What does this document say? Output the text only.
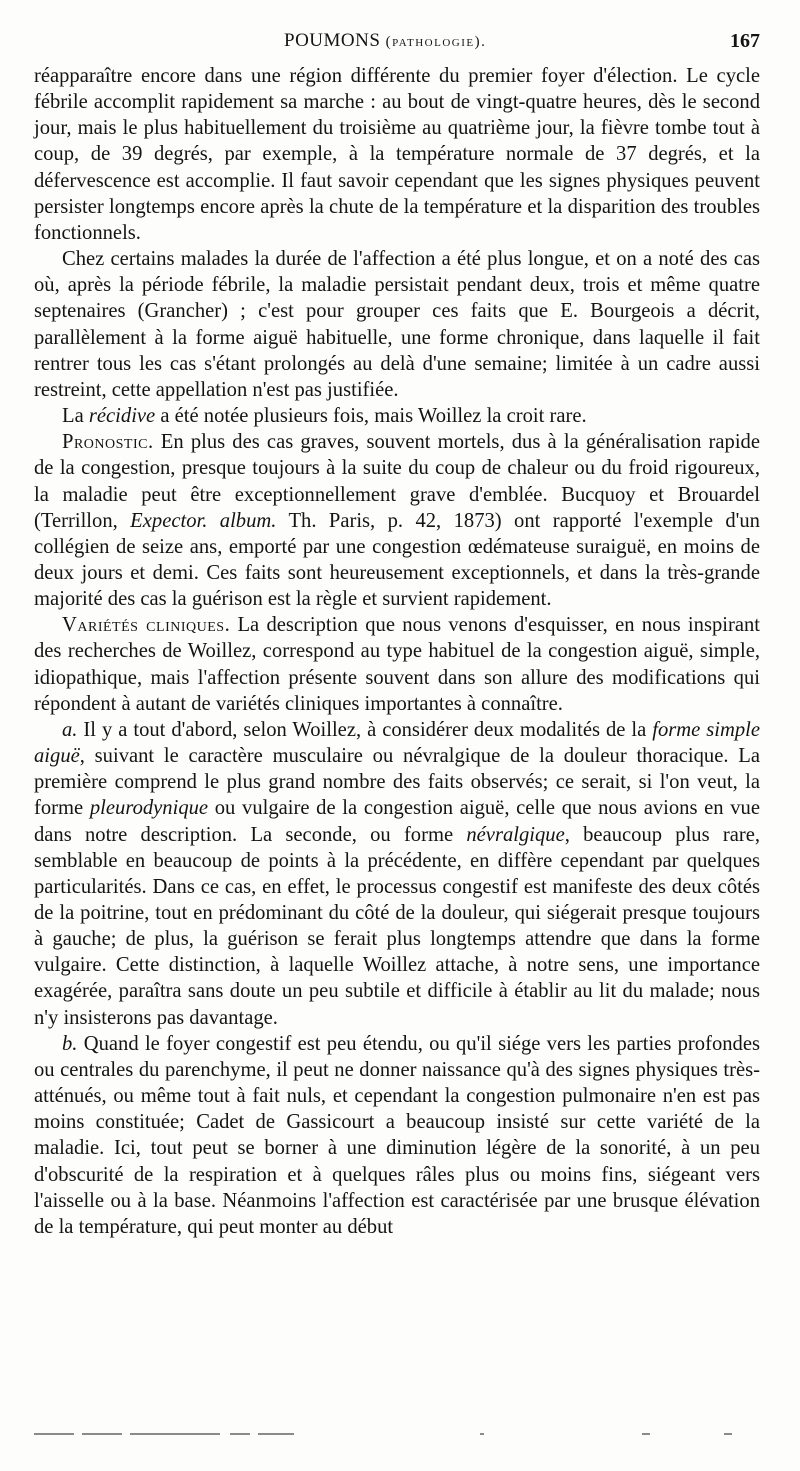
POUMONS (pathologie).	167

réapparaître encore dans une région différente du premier foyer d'élection. Le cycle fébrile accomplit rapidement sa marche : au bout de vingt-quatre heures, dès le second jour, mais le plus habituellement du troisième au quatrième jour, la fièvre tombe tout à coup, de 39 degrés, par exemple, à la température normale de 37 degrés, et la défervescence est accomplie. Il faut savoir cependant que les signes physiques peuvent persister longtemps encore après la chute de la température et la disparition des troubles fonctionnels.

Chez certains malades la durée de l'affection a été plus longue, et on a noté des cas où, après la période fébrile, la maladie persistait pendant deux, trois et même quatre septenaires (Grancher) ; c'est pour grouper ces faits que E. Bourgeois a décrit, parallèlement à la forme aiguë habituelle, une forme chronique, dans laquelle il fait rentrer tous les cas s'étant prolongés au delà d'une semaine; limitée à un cadre aussi restreint, cette appellation n'est pas justifiée.

La récidive a été notée plusieurs fois, mais Woillez la croit rare.

Pronostic. En plus des cas graves, souvent mortels, dus à la généralisation rapide de la congestion, presque toujours à la suite du coup de chaleur ou du froid rigoureux, la maladie peut être exceptionnellement grave d'emblée. Bucquoy et Brouardel (Terrillon, Expector. album. Th. Paris, p. 42, 1873) ont rapporté l'exemple d'un collégien de seize ans, emporté par une congestion œdémateuse suraiguë, en moins de deux jours et demi. Ces faits sont heureusement exceptionnels, et dans la très-grande majorité des cas la guérison est la règle et survient rapidement.

Variétés cliniques. La description que nous venons d'esquisser, en nous inspirant des recherches de Woillez, correspond au type habituel de la congestion aiguë, simple, idiopathique, mais l'affection présente souvent dans son allure des modifications qui répondent à autant de variétés cliniques importantes à connaître.

a. Il y a tout d'abord, selon Woillez, à considérer deux modalités de la forme simple aiguë, suivant le caractère musculaire ou névralgique de la douleur thoracique. La première comprend le plus grand nombre des faits observés; ce serait, si l'on veut, la forme pleurodynique ou vulgaire de la congestion aiguë, celle que nous avions en vue dans notre description. La seconde, ou forme névralgique, beaucoup plus rare, semblable en beaucoup de points à la précédente, en diffère cependant par quelques particularités. Dans ce cas, en effet, le processus congestif est manifeste des deux côtés de la poitrine, tout en prédominant du côté de la douleur, qui siégerait presque toujours à gauche; de plus, la guérison se ferait plus longtemps attendre que dans la forme vulgaire. Cette distinction, à laquelle Woillez attache, à notre sens, une importance exagérée, paraîtra sans doute un peu subtile et difficile à établir au lit du malade; nous n'y insisterons pas davantage.

b. Quand le foyer congestif est peu étendu, ou qu'il siége vers les parties profondes ou centrales du parenchyme, il peut ne donner naissance qu'à des signes physiques très-atténués, ou même tout à fait nuls, et cependant la congestion pulmonaire n'en est pas moins constituée; Cadet de Gassicourt a beaucoup insisté sur cette variété de la maladie. Ici, tout peut se borner à une diminution légère de la sonorité, à un peu d'obscurité de la respiration et à quelques râles plus ou moins fins, siégeant vers l'aisselle ou à la base. Néanmoins l'affection est caractérisée par une brusque élévation de la température, qui peut monter au début
